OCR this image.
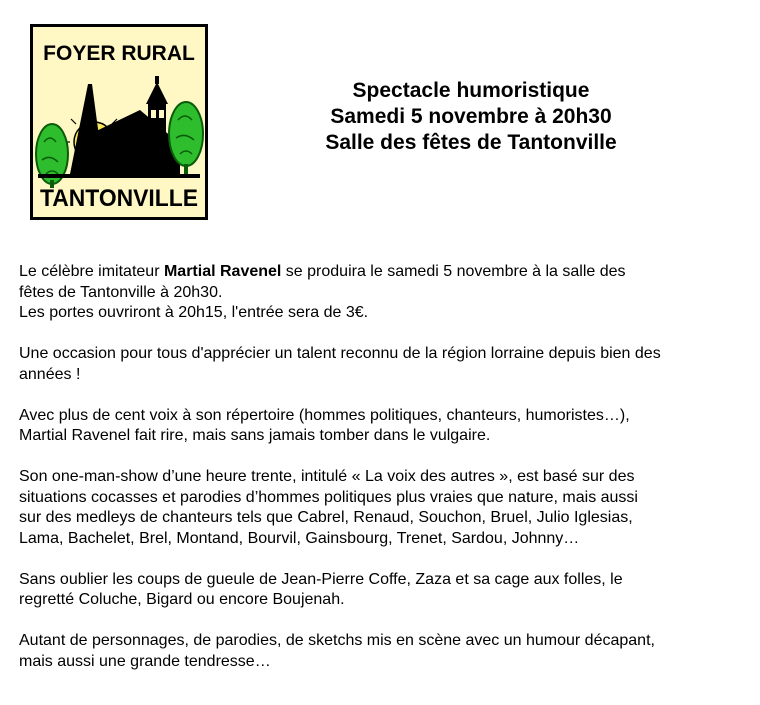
FOYER RURAL
TANTONVILLE
Spectacle humoristique
Samedi 5 novembre à 20h30
Salle des fêtes de Tantonville
Le célèbre imitateur Martial Ravenel se produira le samedi 5 novembre à la salle des
fêtes de Tantonville à 20h30.
Les portes ouvriront à 20h15, l'entrée sera de 3€.
Une occasion pour tous d'apprécier un talent reconnu de la région lorraine depuis bien des
années !
Avec plus de cent voix à son répertoire (hommes politiques, chanteurs, humoristes…),
Martial Ravenel fait rire, mais sans jamais tomber dans le vulgaire.
Son one-man-show d’une heure trente, intitulé « La voix des autres », est basé sur des
situations cocasses et parodies d’hommes politiques plus vraies que nature, mais aussi
sur des medleys de chanteurs tels que Cabrel, Renaud, Souchon, Bruel, Julio Iglesias,
Lama, Bachelet, Brel, Montand, Bourvil, Gainsbourg, Trenet, Sardou, Johnny…
Sans oublier les coups de gueule de Jean-Pierre Coffe, Zaza et sa cage aux folles, le
regretté Coluche, Bigard ou encore Boujenah.
Autant de personnages, de parodies, de sketchs mis en scène avec un humour décapant,
mais aussi une grande tendresse…
